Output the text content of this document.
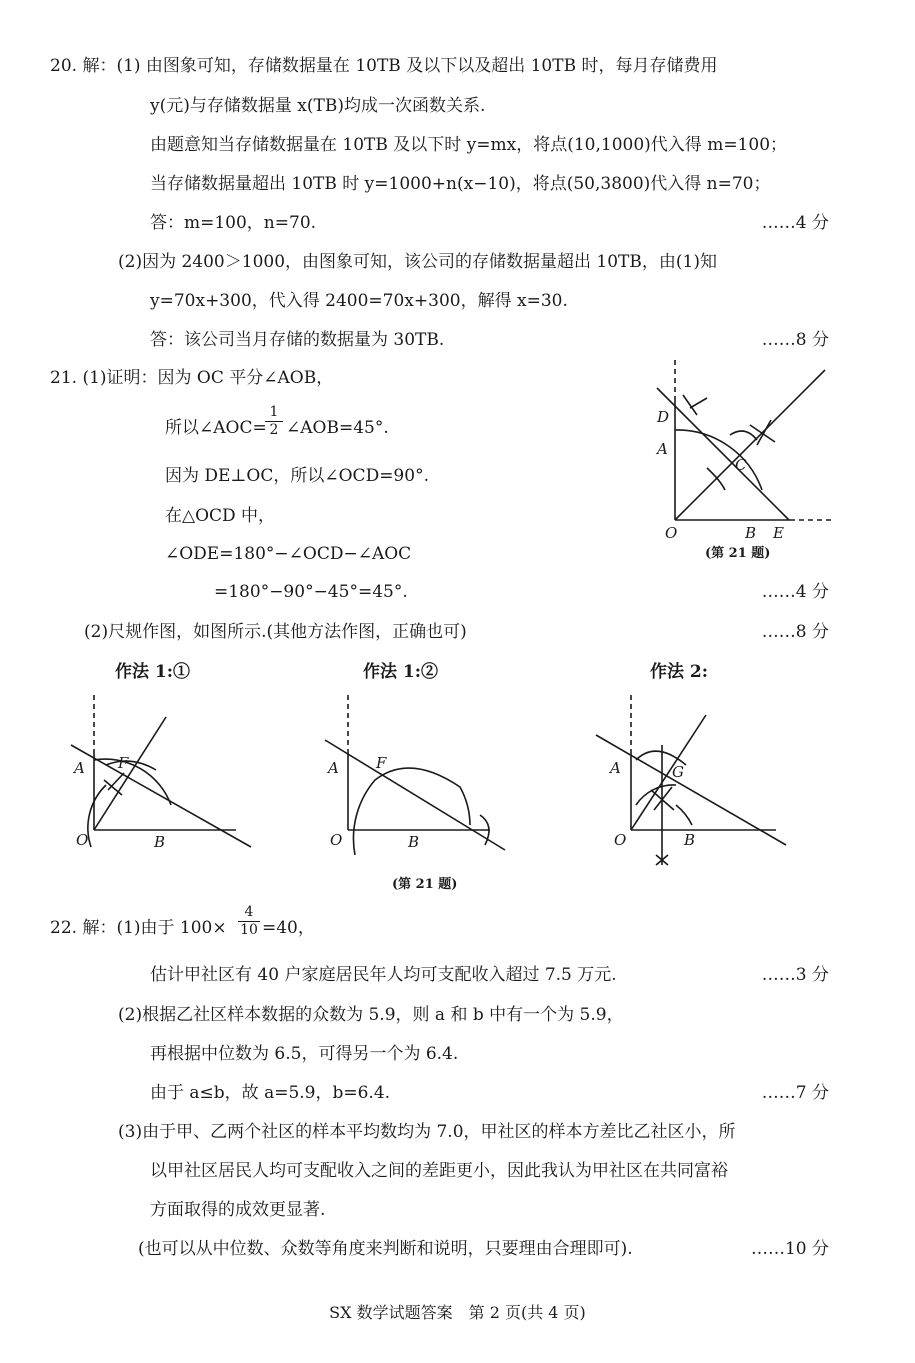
20. 解：(1) 由图象可知，存储数据量在 10TB 及以下以及超出 10TB 时，每月存储费用
y(元)与存储数据量 x(TB)均成一次函数关系.
由题意知当存储数据量在 10TB 及以下时 y=mx，将点(10,1000)代入得 m=100；
当存储数据量超出 10TB 时 y=1000+n(x−10)，将点(50,3800)代入得 n=70；
答：m=100，n=70.	……4 分
(2)因为 2400＞1000，由图象可知，该公司的存储数据量超出 10TB，由(1)知
y=70x+300，代入得 2400=70x+300，解得 x=30.
答：该公司当月存储的数据量为 30TB.	……8 分
21. (1)证明：因为 OC 平分∠AOB，
所以∠AOC=
1
2 ∠AOB=45°.
因为 DE⊥OC，所以∠OCD=90°.
在△OCD 中，
∠ODE=180°−∠OCD−∠AOC
=180°−90°−45°=45°.	……4 分
(2)尺规作图，如图所示.(其他方法作图，正确也可)	……8 分
D
A
C
O	B E
(第 21 题)
作法 1:①	作法 1:②	作法 2:
A F
O	B
A F
O	B
A	G
O	B
(第 21 题)
22. 解：(1)由于 100×
4
10 =40，
估计甲社区有 40 户家庭居民年人均可支配收入超过 7.5 万元.	……3 分
(2)根据乙社区样本数据的众数为 5.9，则 a 和 b 中有一个为 5.9，
再根据中位数为 6.5，可得另一个为 6.4.
由于 a≤b，故 a=5.9，b=6.4.	……7 分
(3)由于甲、乙两个社区的样本平均数均为 7.0，甲社区的样本方差比乙社区小，所
以甲社区居民人均可支配收入之间的差距更小，因此我认为甲社区在共同富裕
方面取得的成效更显著.
(也可以从中位数、众数等角度来判断和说明，只要理由合理即可).	……10 分
SX 数学试题答案　第 2 页(共 4 页)
